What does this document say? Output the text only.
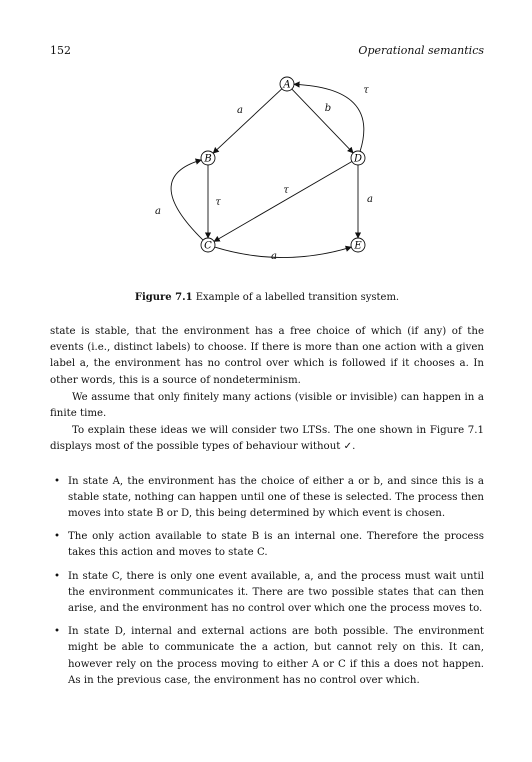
152	Operational semantics
a	b
τ
τ
a
τ
a
a
A
B
C
D
E
Figure 7.1 Example of a labelled transition system.

state is stable, that the environment has a free choice of which (if any) of the events (i.e., distinct labels) to choose. If there is more than one action with a given label a, the environment has no control over which is followed if it chooses a. In other words, this is a source of nondeterminism.

We assume that only finitely many actions (visible or invisible) can happen in a finite time.

To explain these ideas we will consider two LTSs. The one shown in Figure 7.1 displays most of the possible types of behaviour without ✓.

• In state A, the environment has the choice of either a or b, and since this is a stable state, nothing can happen until one of these is selected. The process then moves into state B or D, this being determined by which event is chosen.
• The only action available to state B is an internal one. Therefore the process takes this action and moves to state C.
• In state C, there is only one event available, a, and the process must wait until the environment communicates it. There are two possible states that can then arise, and the environment has no control over which one the process moves to.
• In state D, internal and external actions are both possible. The environment might be able to communicate the a action, but cannot rely on this. It can, however rely on the process moving to either A or C if this a does not happen. As in the previous case, the environment has no control over which.
